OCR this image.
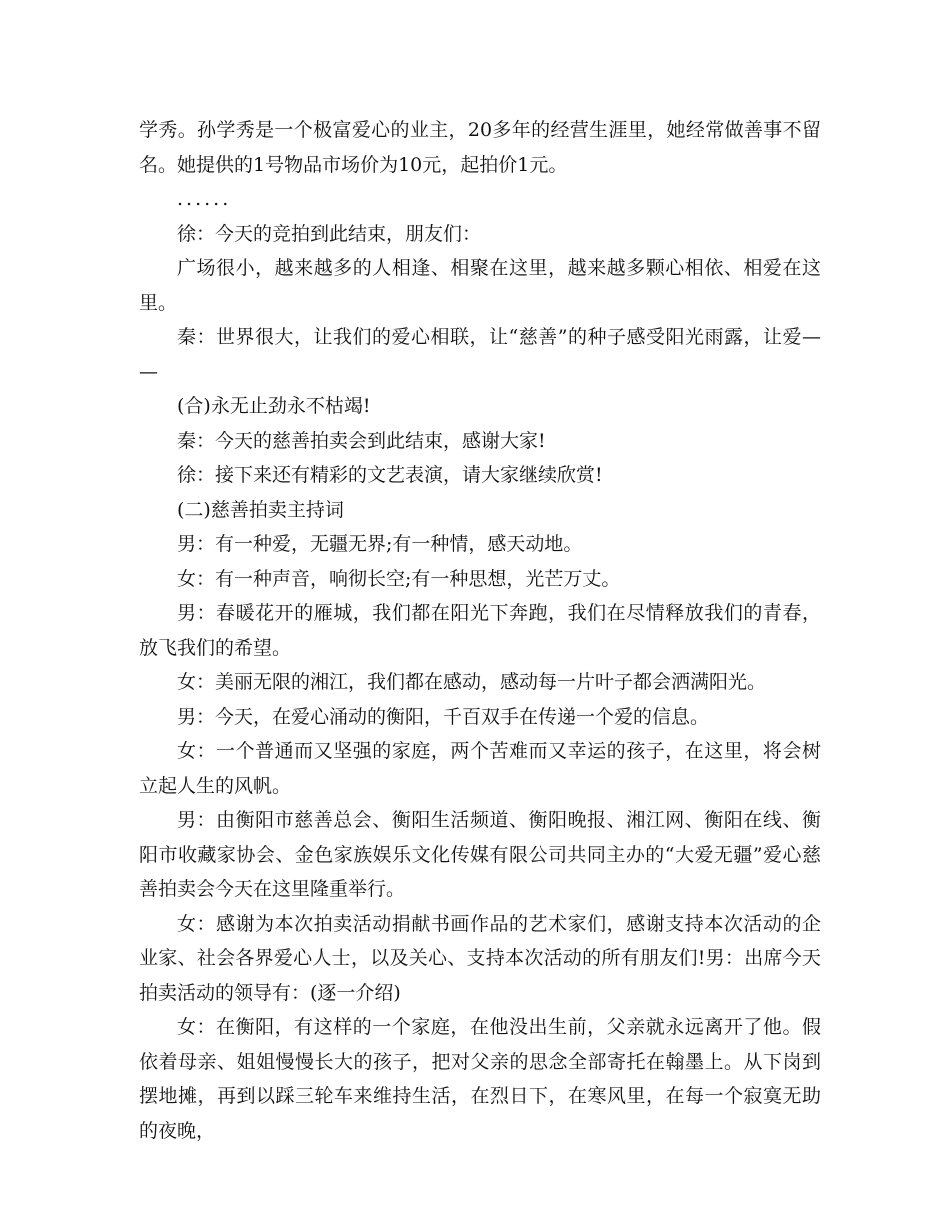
学秀。孙学秀是一个极富爱心的业主，20多年的经营生涯里，她经常做善事不留名。她提供的1号物品市场价为10元，起拍价1元。

......

徐：今天的竞拍到此结束，朋友们：

广场很小，越来越多的人相逢、相聚在这里，越来越多颗心相依、相爱在这里。

秦：世界很大，让我们的爱心相联，让“慈善”的种子感受阳光雨露，让爱——

(合)永无止劲永不枯竭!

秦：今天的慈善拍卖会到此结束，感谢大家!

徐：接下来还有精彩的文艺表演，请大家继续欣赏!

(二)慈善拍卖主持词

男：有一种爱，无疆无界;有一种情，感天动地。

女：有一种声音，响彻长空;有一种思想，光芒万丈。

男：春暖花开的雁城，我们都在阳光下奔跑，我们在尽情释放我们的青春，放飞我们的希望。

女：美丽无限的湘江，我们都在感动，感动每一片叶子都会洒满阳光。

男：今天，在爱心涌动的衡阳，千百双手在传递一个爱的信息。

女：一个普通而又坚强的家庭，两个苦难而又幸运的孩子，在这里，将会树立起人生的风帆。

男：由衡阳市慈善总会、衡阳生活频道、衡阳晚报、湘江网、衡阳在线、衡阳市收藏家协会、金色家族娱乐文化传媒有限公司共同主办的“大爱无疆”爱心慈善拍卖会今天在这里隆重举行。

女：感谢为本次拍卖活动捐献书画作品的艺术家们，感谢支持本次活动的企业家、社会各界爱心人士，以及关心、支持本次活动的所有朋友们!男：出席今天拍卖活动的领导有：(逐一介绍)

女：在衡阳，有这样的一个家庭，在他没出生前，父亲就永远离开了他。假依着母亲、姐姐慢慢长大的孩子，把对父亲的思念全部寄托在翰墨上。从下岗到摆地摊，再到以踩三轮车来维持生活，在烈日下，在寒风里，在每一个寂寞无助的夜晚，
